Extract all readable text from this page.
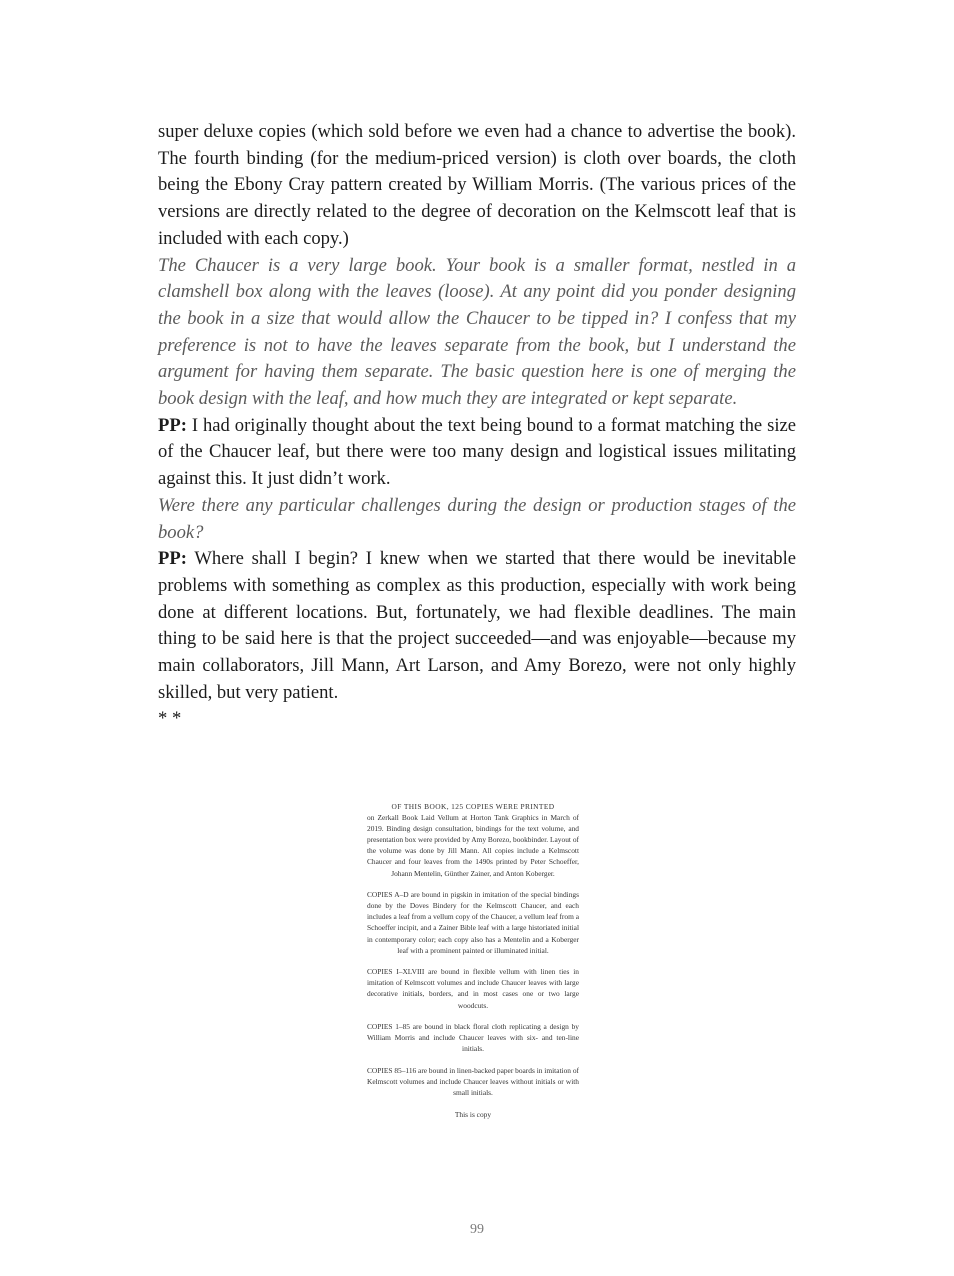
super deluxe copies (which sold before we even had a chance to advertise the book). The fourth binding (for the medium-priced version) is cloth over boards, the cloth being the Ebony Cray pattern created by William Morris. (The various prices of the versions are directly related to the degree of decoration on the Kelmscott leaf that is included with each copy.)

The Chaucer is a very large book. Your book is a smaller format, nestled in a clamshell box along with the leaves (loose). At any point did you ponder designing the book in a size that would allow the Chaucer to be tipped in? I confess that my preference is not to have the leaves separate from the book, but I understand the argument for having them separate. The basic question here is one of merging the book design with the leaf, and how much they are integrated or kept separate.

PP: I had originally thought about the text being bound to a format matching the size of the Chaucer leaf, but there were too many design and logistical issues militating against this. It just didn’t work.

Were there any particular challenges during the design or production stages of the book?

PP: Where shall I begin? I knew when we started that there would be inevitable problems with something as complex as this production, especially with work being done at different locations. But, fortunately, we had flexible deadlines. The main thing to be said here is that the project succeeded—and was enjoyable—because my main collaborators, Jill Mann, Art Larson, and Amy Borezo, were not only highly skilled, but very patient.

* *

OF THIS BOOK, 125 COPIES WERE PRINTED

on Zerkall Book Laid Vellum at Horton Tank Graphics in March of 2019. Binding design consultation, bindings for the text volume, and presentation box were provided by Amy Borezo, bookbinder. Layout of the volume was done by Jill Mann. All copies include a Kelmscott Chaucer and four leaves from the 1490s printed by Peter Schoeffer, Johann Mentelin, Günther Zainer, and Anton Koberger.

COPIES A–D are bound in pigskin in imitation of the special bindings done by the Doves Bindery for the Kelmscott Chaucer, and each includes a leaf from a vellum copy of the Chaucer, a vellum leaf from a Schoeffer incipit, and a Zainer Bible leaf with a large historiated initial in contemporary color; each copy also has a Mentelin and a Koberger leaf with a prominent painted or illuminated initial.

COPIES I–XLVIII are bound in flexible vellum with linen ties in imitation of Kelmscott volumes and include Chaucer leaves with large decorative initials, borders, and in most cases one or two large woodcuts.

COPIES 1–85 are bound in black floral cloth replicating a design by William Morris and include Chaucer leaves with six- and ten-line initials.

COPIES 85–116 are bound in linen-backed paper boards in imitation of Kelmscott volumes and include Chaucer leaves without initials or with small initials.

This is copy

99
